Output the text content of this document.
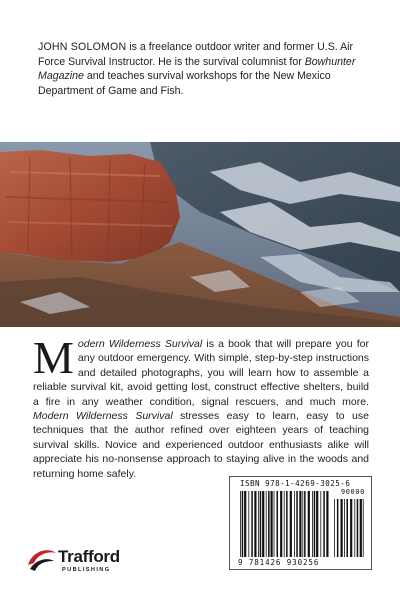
JOHN SOLOMON is a freelance outdoor writer and former U.S. Air Force Survival Instructor. He is the survival columnist for Bowhunter Magazine and teaches survival workshops for the New Mexico Department of Game and Fish.

Modern Wilderness Survival is a book that will prepare you for any outdoor emergency. With simple, step-by-step instructions and detailed photographs, you will learn how to assemble a reliable survival kit, avoid getting lost, construct effective shelters, build a fire in any weather condition, signal rescuers, and much more. Modern Wilderness Survival stresses easy to learn, easy to use techniques that the author refined over eighteen years of teaching survival skills. Novice and experienced outdoor enthusiasts alike will appreciate his no-nonsense approach to staying alive in the woods and returning home safely.
ISBN 978-1-4269-3025-6
90000
9 781426 930256
Trafford
PUBLISHING
